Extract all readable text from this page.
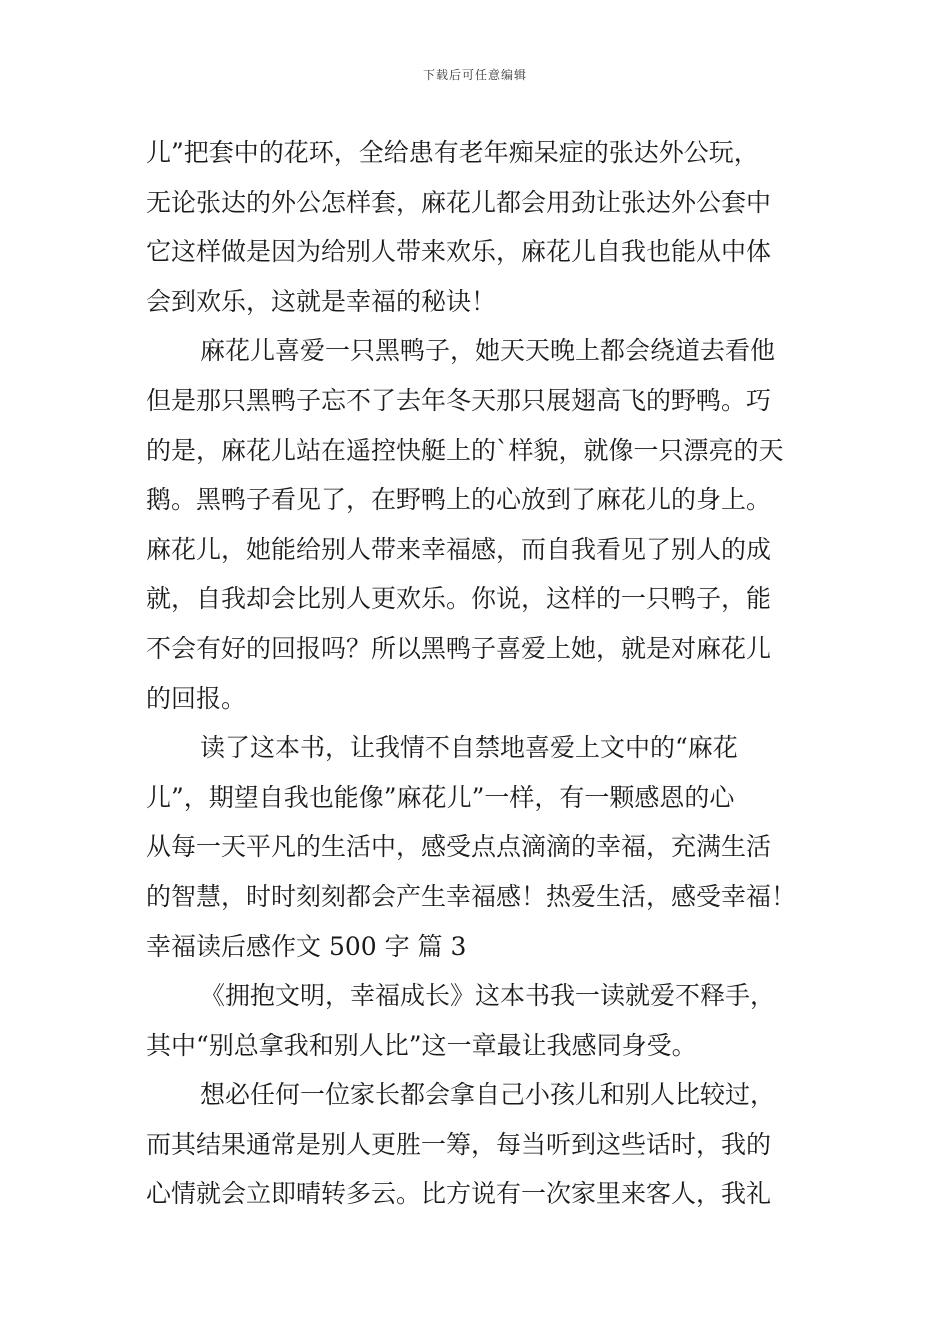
下载后可任意编辑
儿”把套中的花环，全给患有老年痴呆症的张达外公玩，
无论张达的外公怎样套，麻花儿都会用劲让张达外公套中
它这样做是因为给别人带来欢乐，麻花儿自我也能从中体
会到欢乐，这就是幸福的秘诀！
麻花儿喜爱一只黑鸭子，她天天晚上都会绕道去看他
但是那只黑鸭子忘不了去年冬天那只展翅高飞的野鸭。巧
的是，麻花儿站在遥控快艇上的`样貌，就像一只漂亮的天
鹅。黑鸭子看见了，在野鸭上的心放到了麻花儿的身上。
麻花儿，她能给别人带来幸福感，而自我看见了别人的成
就，自我却会比别人更欢乐。你说，这样的一只鸭子，能
不会有好的回报吗？所以黑鸭子喜爱上她，就是对麻花儿
的回报。
读了这本书，让我情不自禁地喜爱上文中的“麻花
儿”，期望自我也能像”麻花儿”一样，有一颗感恩的心
从每一天平凡的生活中，感受点点滴滴的幸福，充满生活
的智慧，时时刻刻都会产生幸福感！热爱生活，感受幸福！
幸福读后感作文 500 字 篇 3
《拥抱文明，幸福成长》这本书我一读就爱不释手，
其中“别总拿我和别人比”这一章最让我感同身受。
想必任何一位家长都会拿自己小孩儿和别人比较过，
而其结果通常是别人更胜一筹，每当听到这些话时，我的
心情就会立即晴转多云。比方说有一次家里来客人，我礼
